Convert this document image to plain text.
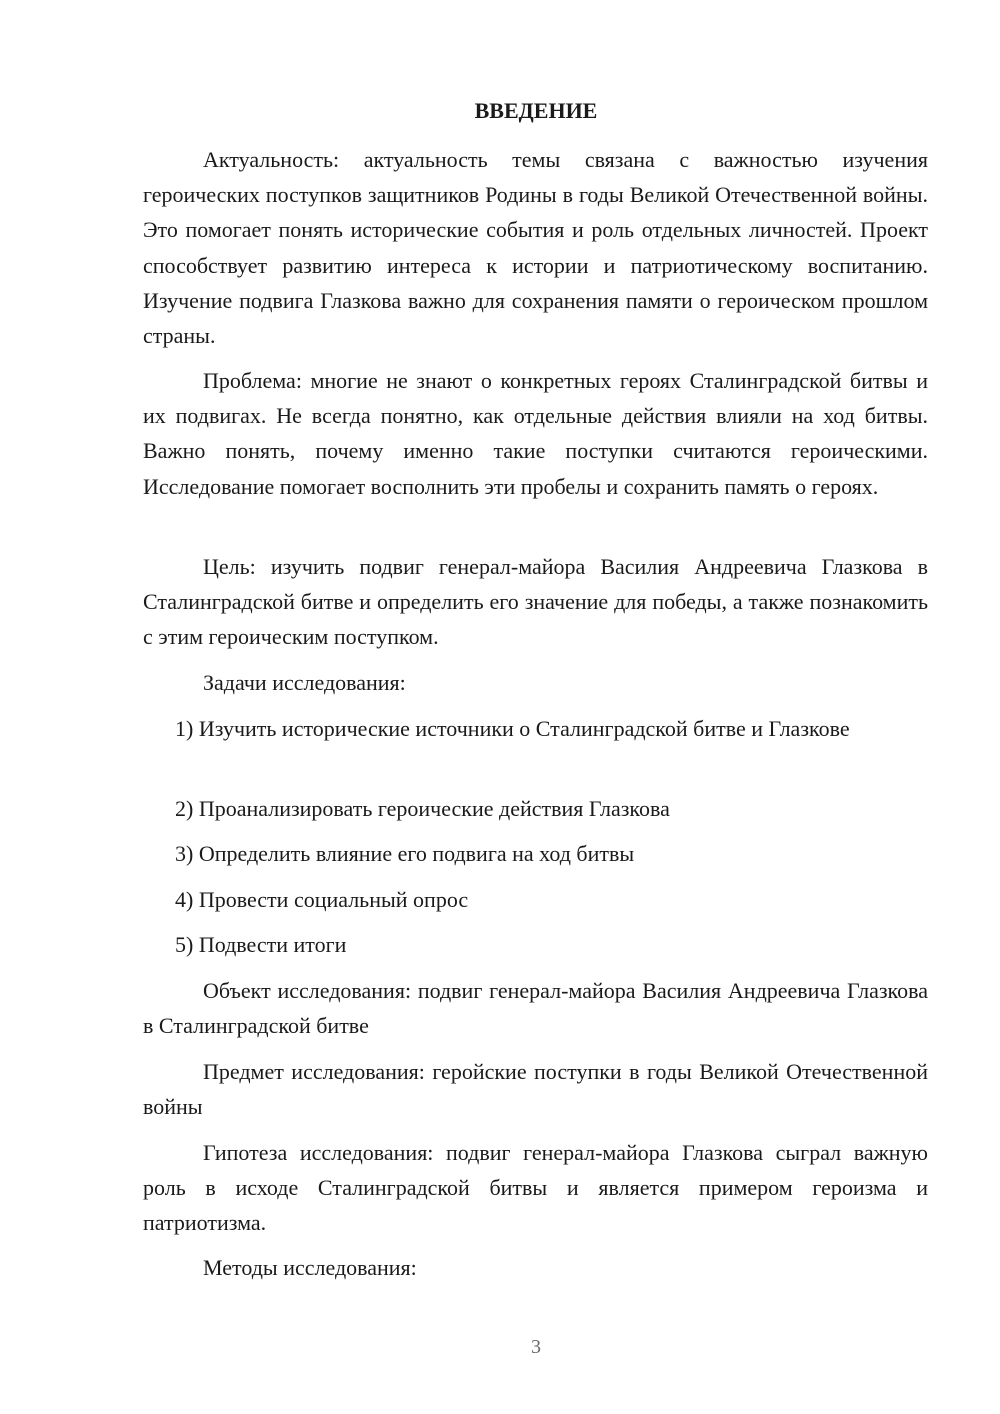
ВВЕДЕНИЕ

Актуальность: актуальность темы связана с важностью изучения героических поступков защитников Родины в годы Великой Отечественной войны. Это помогает понять исторические события и роль отдельных личностей. Проект способствует развитию интереса к истории и патриотическому воспитанию. Изучение подвига Глазкова важно для сохранения памяти о героическом прошлом страны.

Проблема: многие не знают о конкретных героях Сталинградской битвы и их подвигах. Не всегда понятно, как отдельные действия влияли на ход битвы. Важно понять, почему именно такие поступки считаются героическими. Исследование помогает восполнить эти пробелы и сохранить память о героях.

Цель: изучить подвиг генерал-майора Василия Андреевича Глазкова в Сталинградской битве и определить его значение для победы, а также познакомить с этим героическим поступком.

Задачи исследования:

1) Изучить исторические источники о Сталинградской битве и Глазкове

2) Проанализировать героические действия Глазкова

3) Определить влияние его подвига на ход битвы

4) Провести социальный опрос

5) Подвести итоги

Объект исследования: подвиг генерал-майора Василия Андреевича Глазкова в Сталинградской битве

Предмет исследования: геройские поступки в годы Великой Отечественной войны

Гипотеза исследования: подвиг генерал-майора Глазкова сыграл важную роль в исходе Сталинградской битвы и является примером героизма и патриотизма.

Методы исследования:

3
